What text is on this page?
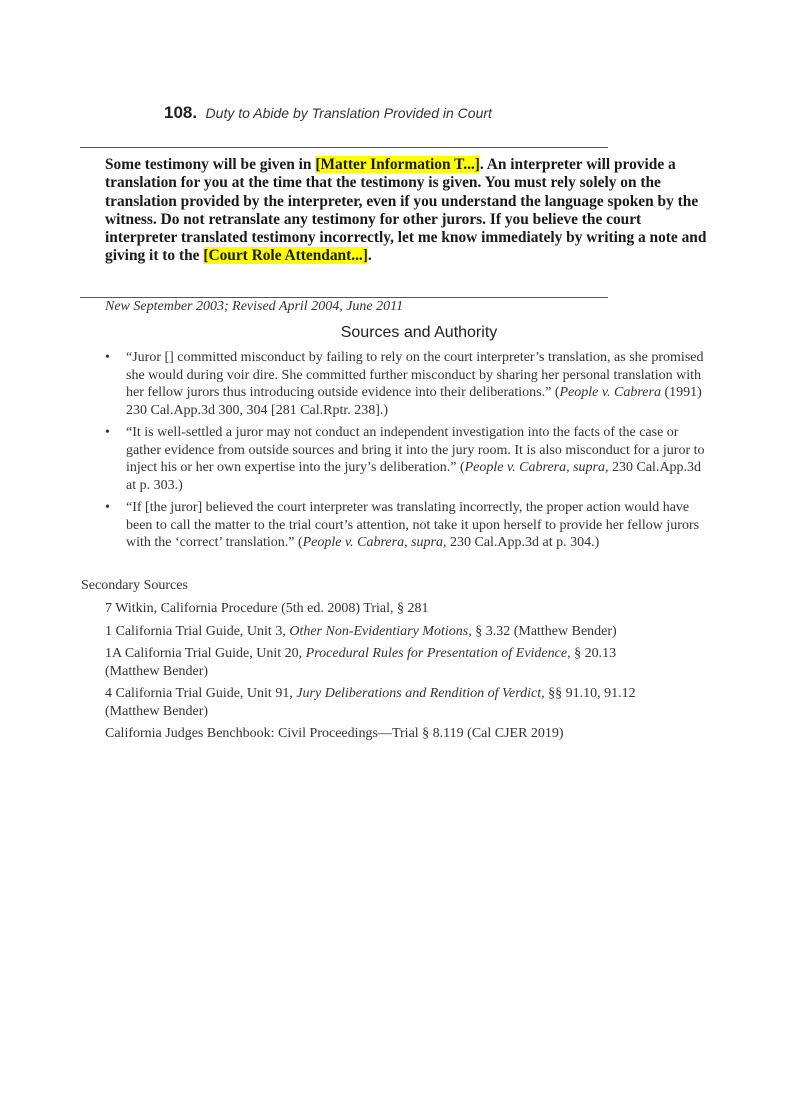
108. Duty to Abide by Translation Provided in Court
Some testimony will be given in [Matter Information T...]. An interpreter will provide a translation for you at the time that the testimony is given. You must rely solely on the translation provided by the interpreter, even if you understand the language spoken by the witness. Do not retranslate any testimony for other jurors. If you believe the court interpreter translated testimony incorrectly, let me know immediately by writing a note and giving it to the [Court Role Attendant...].
New September 2003; Revised April 2004, June 2011
Sources and Authority
• “Juror [] committed misconduct by failing to rely on the court interpreter’s translation, as she promised she would during voir dire. She committed further misconduct by sharing her personal translation with her fellow jurors thus introducing outside evidence into their deliberations.” (People v. Cabrera (1991) 230 Cal.App.3d 300, 304 [281 Cal.Rptr. 238].)
• “It is well-settled a juror may not conduct an independent investigation into the facts of the case or gather evidence from outside sources and bring it into the jury room. It is also misconduct for a juror to inject his or her own expertise into the jury’s deliberation.” (People v. Cabrera, supra, 230 Cal.App.3d at p. 303.)
• “If [the juror] believed the court interpreter was translating incorrectly, the proper action would have been to call the matter to the trial court’s attention, not take it upon herself to provide her fellow jurors with the ‘correct’ translation.” (People v. Cabrera, supra, 230 Cal.App.3d at p. 304.)
Secondary Sources
7 Witkin, California Procedure (5th ed. 2008) Trial, § 281
1 California Trial Guide, Unit 3, Other Non-Evidentiary Motions, § 3.32 (Matthew Bender)
1A California Trial Guide, Unit 20, Procedural Rules for Presentation of Evidence, § 20.13 (Matthew Bender)
4 California Trial Guide, Unit 91, Jury Deliberations and Rendition of Verdict, §§ 91.10, 91.12 (Matthew Bender)
California Judges Benchbook: Civil Proceedings—Trial § 8.119 (Cal CJER 2019)
